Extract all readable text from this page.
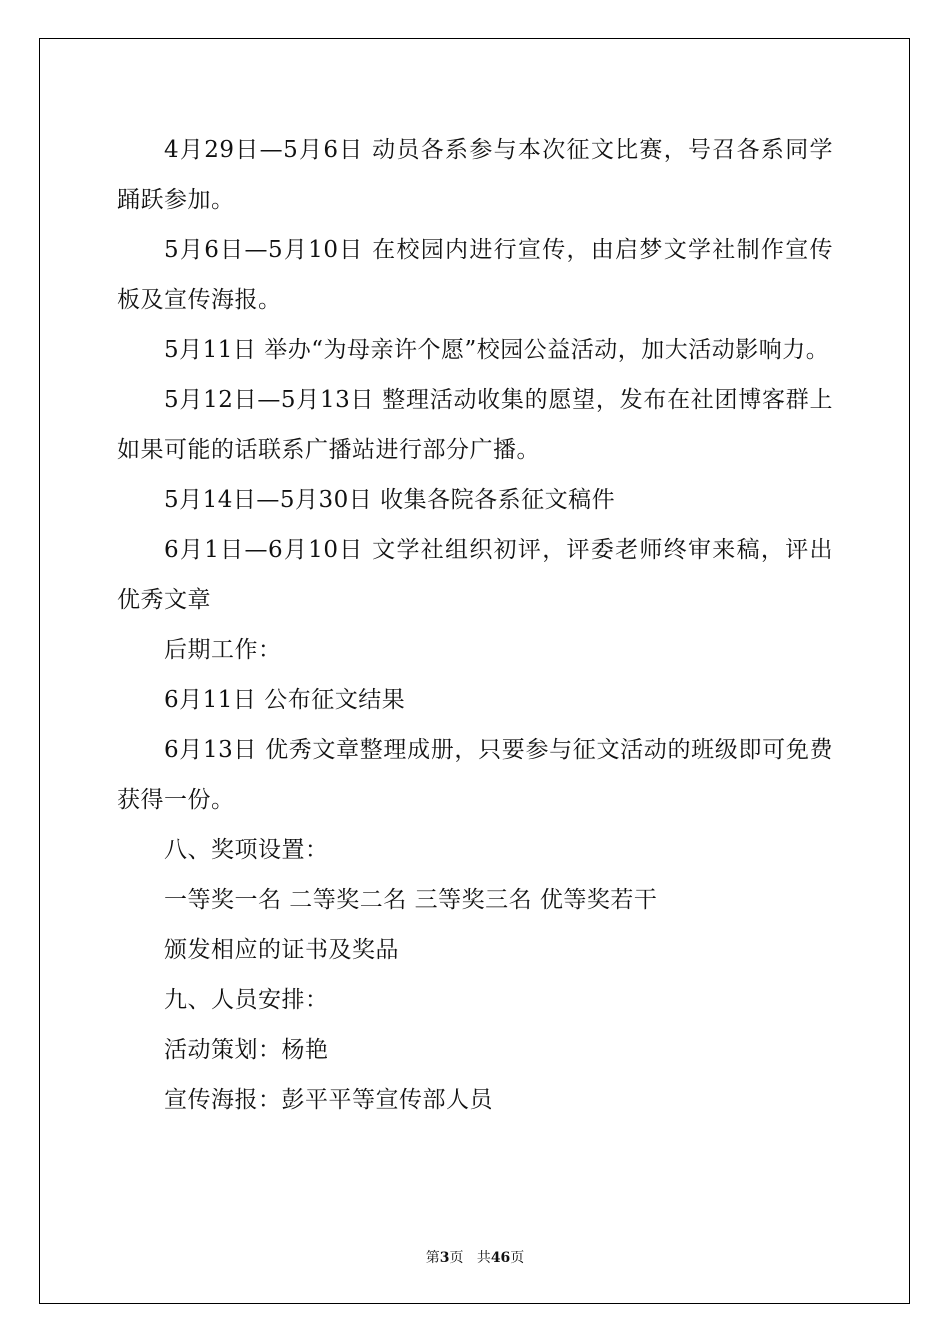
4月29日—5月6日 动员各系参与本次征文比赛，号召各系同学踊跃参加。

5月6日—5月10日 在校园内进行宣传，由启梦文学社制作宣传板及宣传海报。

5月11日 举办“为母亲许个愿”校园公益活动，加大活动影响力。

5月12日—5月13日 整理活动收集的愿望，发布在社团博客群上如果可能的话联系广播站进行部分广播。

5月14日—5月30日 收集各院各系征文稿件

6月1日—6月10日 文学社组织初评，评委老师终审来稿，评出优秀文章

后期工作：

6月11日 公布征文结果

6月13日 优秀文章整理成册，只要参与征文活动的班级即可免费获得一份。

八、奖项设置：

一等奖一名 二等奖二名 三等奖三名 优等奖若干

颁发相应的证书及奖品

九、人员安排：

活动策划：杨艳

宣传海报：彭平平等宣传部人员

第3页 共46页
